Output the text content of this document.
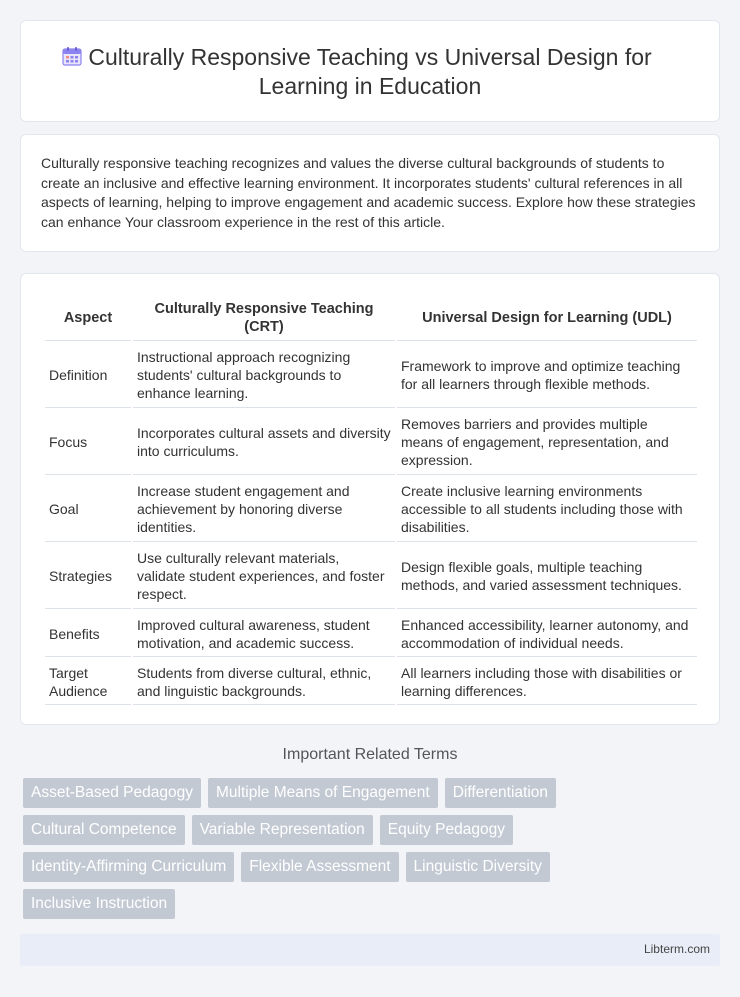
Culturally Responsive Teaching vs Universal Design for Learning in Education
Culturally responsive teaching recognizes and values the diverse cultural backgrounds of students to create an inclusive and effective learning environment. It incorporates students' cultural references in all aspects of learning, helping to improve engagement and academic success. Explore how these strategies can enhance Your classroom experience in the rest of this article.
Aspect	Culturally Responsive Teaching (CRT)	Universal Design for Learning (UDL)
Definition	Instructional approach recognizing students' cultural backgrounds to enhance learning.	Framework to improve and optimize teaching for all learners through flexible methods.
Focus	Incorporates cultural assets and diversity into curriculums.	Removes barriers and provides multiple means of engagement, representation, and expression.
Goal	Increase student engagement and achievement by honoring diverse identities.	Create inclusive learning environments accessible to all students including those with disabilities.
Strategies	Use culturally relevant materials, validate student experiences, and foster respect.	Design flexible goals, multiple teaching methods, and varied assessment techniques.
Benefits	Improved cultural awareness, student motivation, and academic success.	Enhanced accessibility, learner autonomy, and accommodation of individual needs.
Target Audience	Students from diverse cultural, ethnic, and linguistic backgrounds.	All learners including those with disabilities or learning differences.
Important Related Terms
Asset-Based Pedagogy	Multiple Means of Engagement	Differentiation
Cultural Competence	Variable Representation	Equity Pedagogy
Identity-Affirming Curriculum	Flexible Assessment	Linguistic Diversity
Inclusive Instruction
Libterm.com
